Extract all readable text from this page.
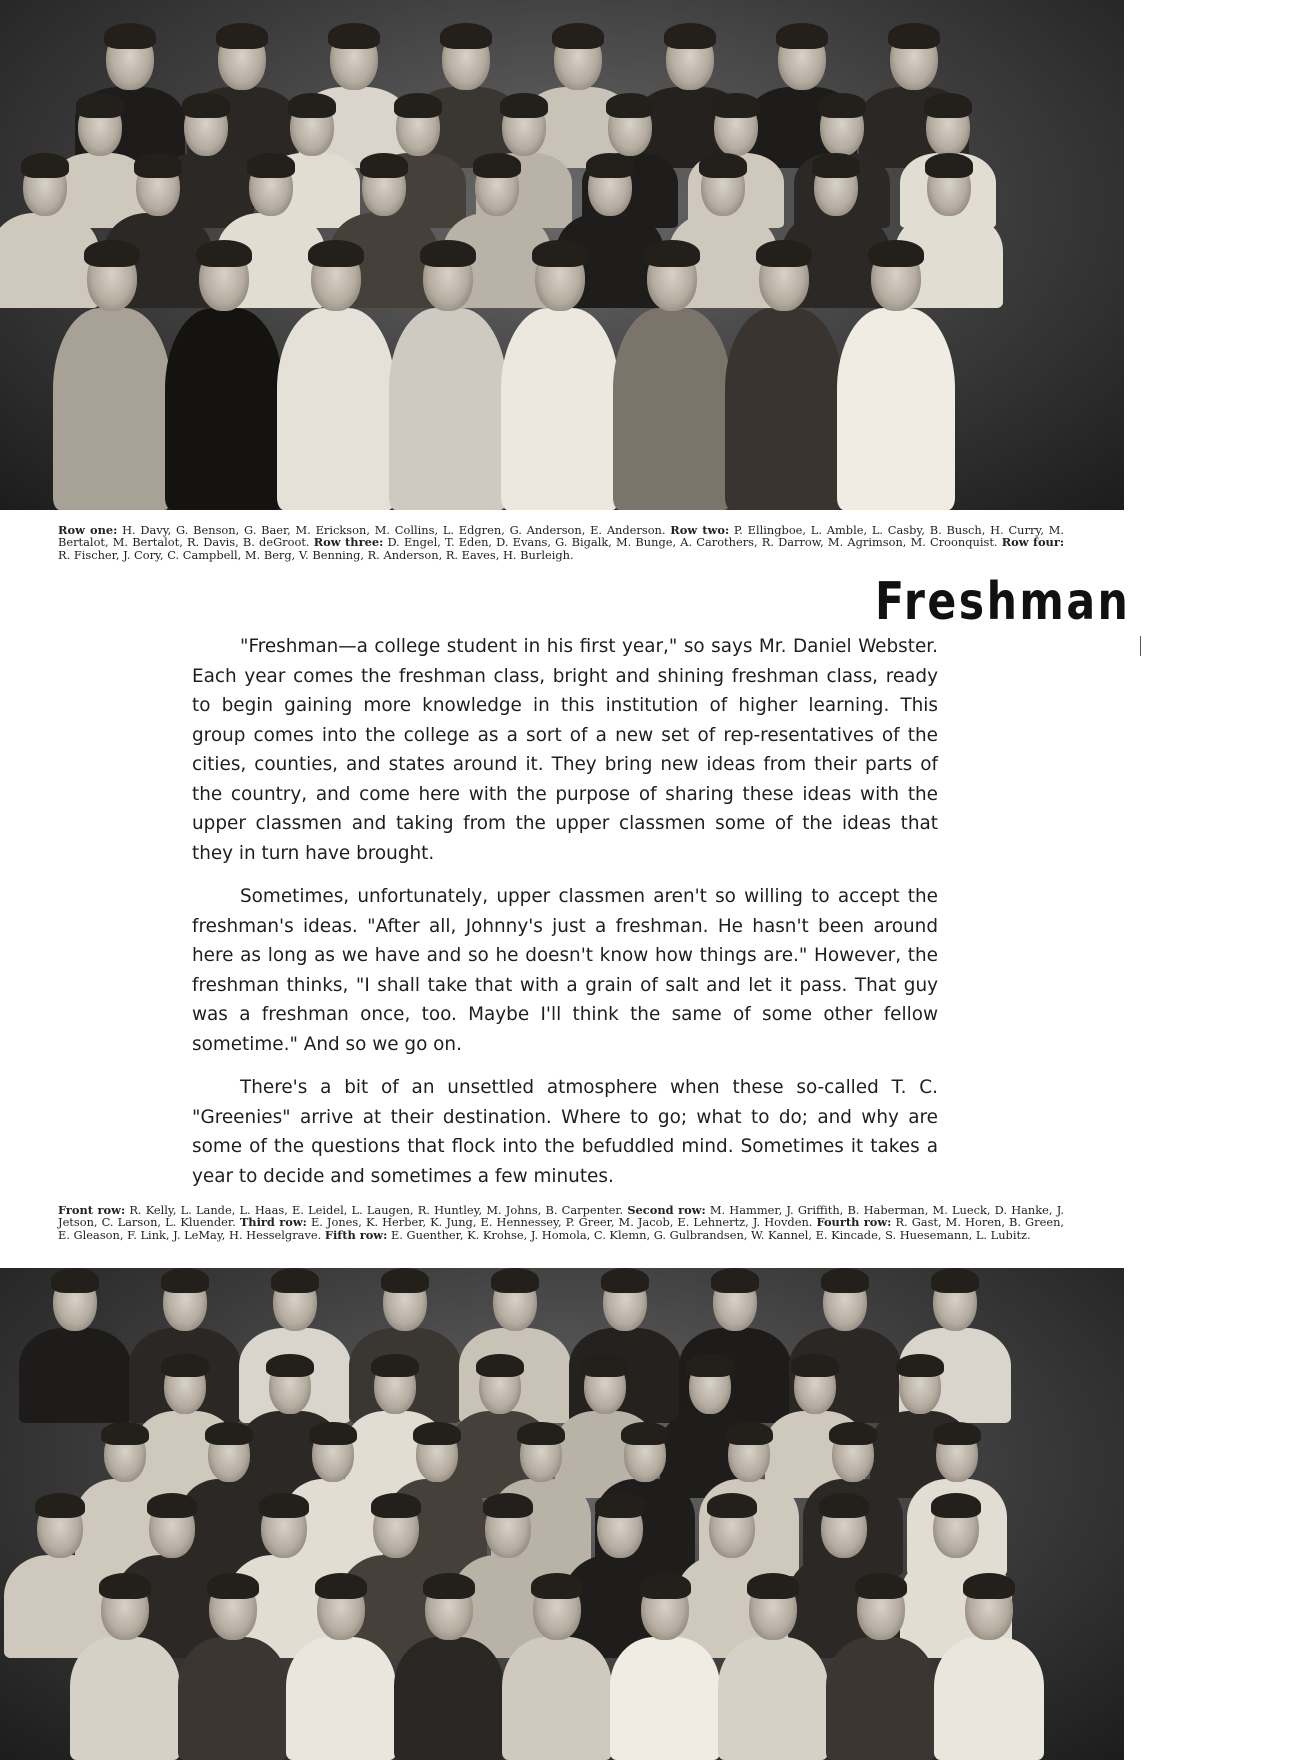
Row one: H. Davy, G. Benson, G. Baer, M. Erickson, M. Collins, L. Edgren, G. Anderson, E. Anderson. Row two: P. Ellingboe, L. Amble, L. Casby, B. Busch, H. Curry, M. Bertalot, M. Bertalot, R. Davis, B. deGroot. Row three: D. Engel, T. Eden, D. Evans, G. Bigalk, M. Bunge, A. Carothers, R. Darrow, M. Agrimson, M. Croonquist. Row four: R. Fischer, J. Cory, C. Campbell, M. Berg, V. Benning, R. Anderson, R. Eaves, H. Burleigh.
Freshman

"Freshman—a college student in his first year," so says Mr. Daniel Webster. Each year comes the freshman class, bright and shining freshman class, ready to begin gaining more knowledge in this institution of higher learning. This group comes into the college as a sort of a new set of rep-resentatives of the cities, counties, and states around it. They bring new ideas from their parts of the country, and come here with the purpose of sharing these ideas with the upper classmen and taking from the upper classmen some of the ideas that they in turn have brought.

Sometimes, unfortunately, upper classmen aren't so willing to accept the freshman's ideas. "After all, Johnny's just a freshman. He hasn't been around here as long as we have and so he doesn't know how things are." However, the freshman thinks, "I shall take that with a grain of salt and let it pass. That guy was a freshman once, too. Maybe I'll think the same of some other fellow sometime." And so we go on.

There's a bit of an unsettled atmosphere when these so-called T. C. "Greenies" arrive at their destination. Where to go; what to do; and why are some of the questions that flock into the befuddled mind. Sometimes it takes a year to decide and sometimes a few minutes.

Front row: R. Kelly, L. Lande, L. Haas, E. Leidel, L. Laugen, R. Huntley, M. Johns, B. Carpenter. Second row: M. Hammer, J. Griffith, B. Haberman, M. Lueck, D. Hanke, J. Jetson, C. Larson, L. Kluender. Third row: E. Jones, K. Herber, K. Jung, E. Hennessey, P. Greer, M. Jacob, E. Lehnertz, J. Hovden. Fourth row: R. Gast, M. Horen, B. Green, E. Gleason, F. Link, J. LeMay, H. Hesselgrave. Fifth row: E. Guenther, K. Krohse, J. Homola, C. Klemn, G. Gulbrandsen, W. Kannel, E. Kincade, S. Huesemann, L. Lubitz.
